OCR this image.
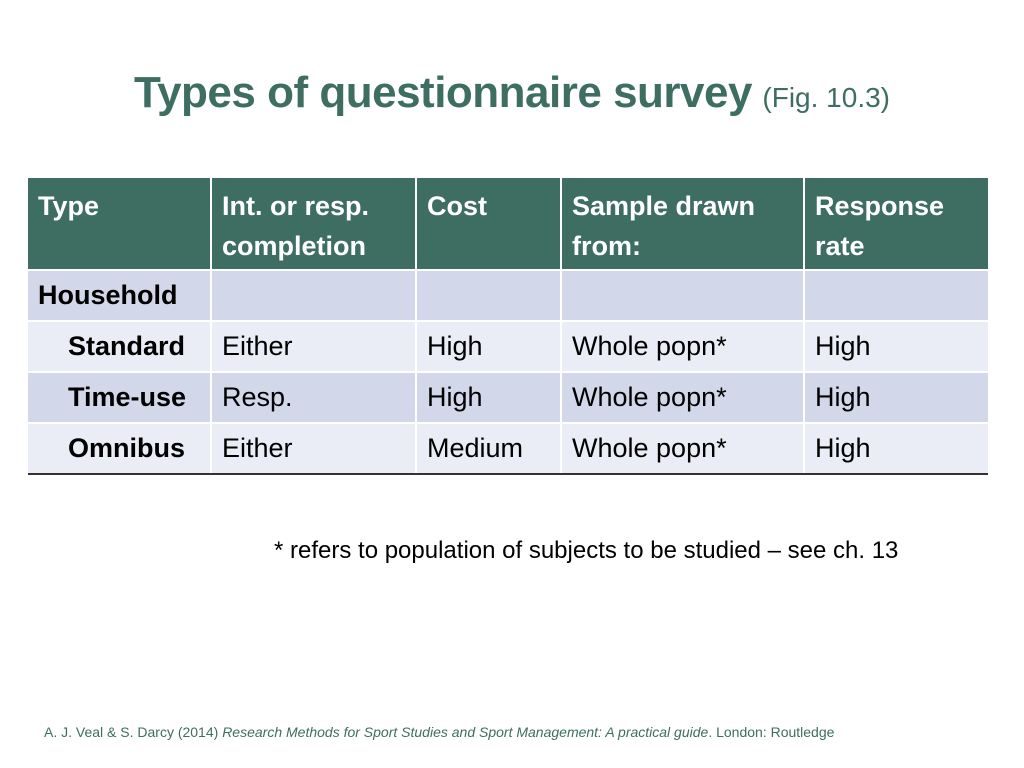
Types of questionnaire survey (Fig. 10.3)
Type	Int. or resp. completion	Cost	Sample drawn from:	Response rate
Household				
Standard	Either	High	Whole popn*	High
Time-use	Resp.	High	Whole popn*	High
Omnibus	Either	Medium	Whole popn*	High
* refers to population of subjects to be studied – see ch. 13
A. J. Veal & S. Darcy (2014) Research Methods for Sport Studies and Sport Management: A practical guide. London: Routledge
